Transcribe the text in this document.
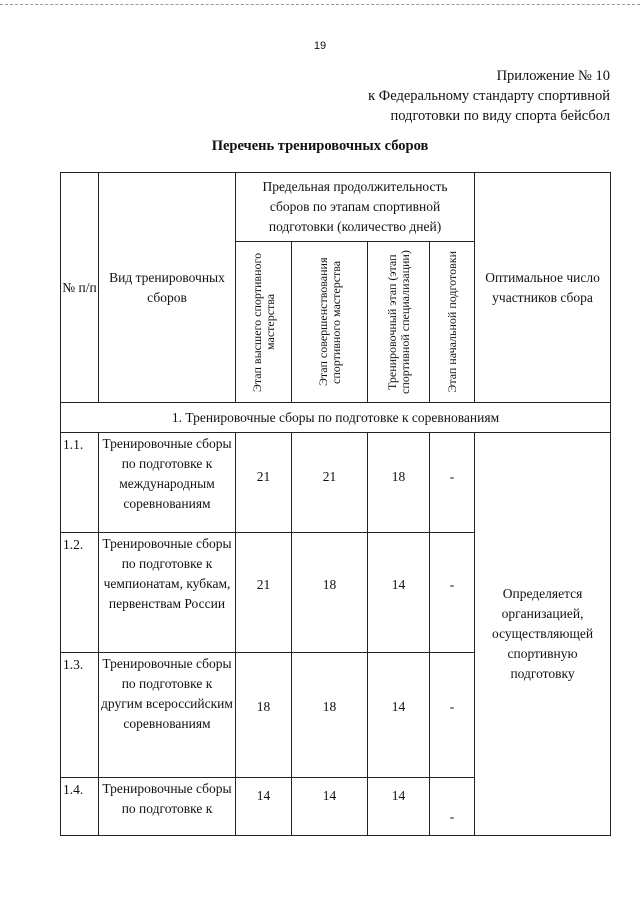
19
Приложение № 10
к Федеральному стандарту спортивной
подготовки по виду спорта бейсбол
Перечень тренировочных сборов
№ п/п	Вид тренировочных сборов	Предельная продолжительность сборов по этапам спортивной подготовки (количество дней)				Оптимальное число участников сбора

		Этап высшего спортивного мастерства	Этап совершенствования спортивного мастерства	Тренировочный этап (этап спортивной специализации)	Этап начальной подготовки	

1. Тренировочные сборы по подготовке к соревнованиям						
1.1.	Тренировочные сборы по подготовке к международным соревнованиям	21	21	18	-	Определяется организацией, осуществляющей спортивную подготовку
1.2.	Тренировочные сборы по подготовке к чемпионатам, кубкам, первенствам России	21	18	14	-	
1.3.	Тренировочные сборы по подготовке к другим всероссийским соревнованиям	18	18	14	-	
1.4.	Тренировочные сборы по подготовке к	14	14	14	-	
